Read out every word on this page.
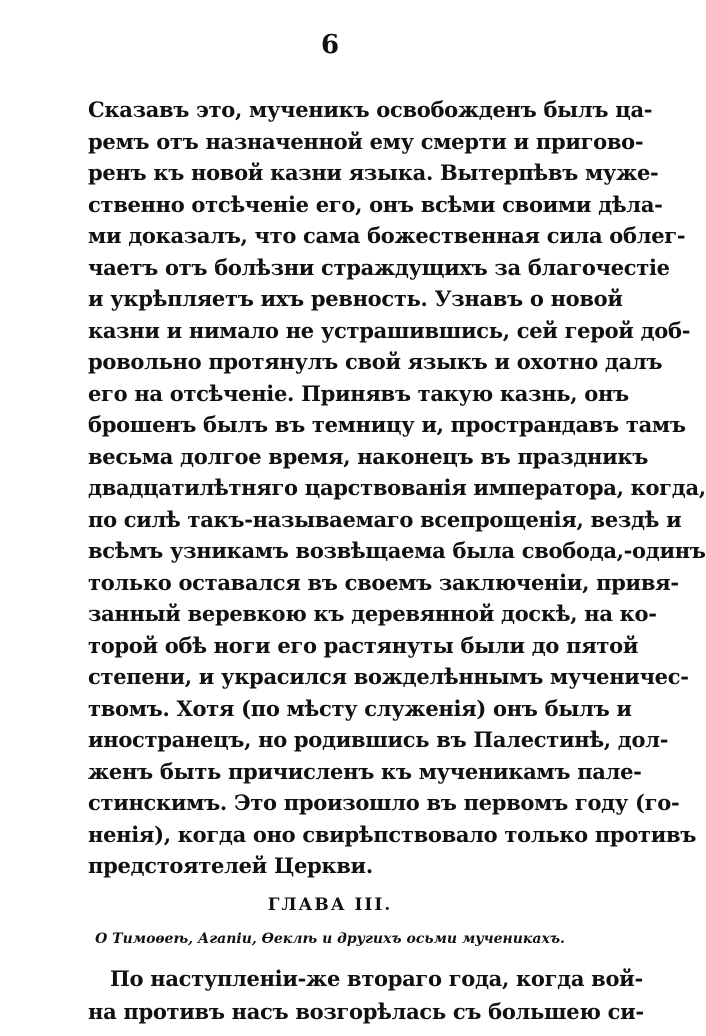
6
Сказавъ это, мученикъ освобожденъ былъ ца-
ремъ отъ назначенной ему смерти и пригово-
ренъ къ новой казни языка. Вытерпѣвъ муже-
ственно отсѣченіе его, онъ всѣми своими дѣла-
ми доказалъ, что сама божественная сила облег-
чаетъ отъ болѣзни страждущихъ за благочестіе
и укрѣпляетъ ихъ ревность. Узнавъ о новой
казни и нимало не устрашившись, сей герой доб-
ровольно протянулъ свой языкъ и охотно далъ
его на отсѣченіе. Принявъ такую казнь, онъ
брошенъ былъ въ темницу и, пространдавъ тамъ
весьма долгое время, наконецъ въ праздникъ
двадцатилѣтняго царствованія императора, когда,
по силѣ такъ-называемаго всепрощенія, вездѣ и
всѣмъ узникамъ возвѣщаема была свобода,-одинъ
только оставался въ своемъ заключеніи, привя-
занный веревкою къ деревянной доскѣ, на ко-
торой обѣ ноги его растянуты были до пятой
степени, и украсился вожделѣннымъ мученичес-
твомъ. Хотя (по мѣсту служенія) онъ былъ и
иностранецъ, но родившись въ Палестинѣ, дол-
женъ быть причисленъ къ мученикамъ пале-
стинскимъ. Это произошло въ первомъ году (го-
ненія), когда оно свирѣпствовало только противъ
предстоятелей Церкви.
ГЛАВА III.
О Тимоѳеѣ, Агапіи, Ѳеклѣ и другихъ осьми мученикахъ.
По наступленіи-же втораго года, когда вой-
на противъ насъ возгорѣлась съ большею си-
